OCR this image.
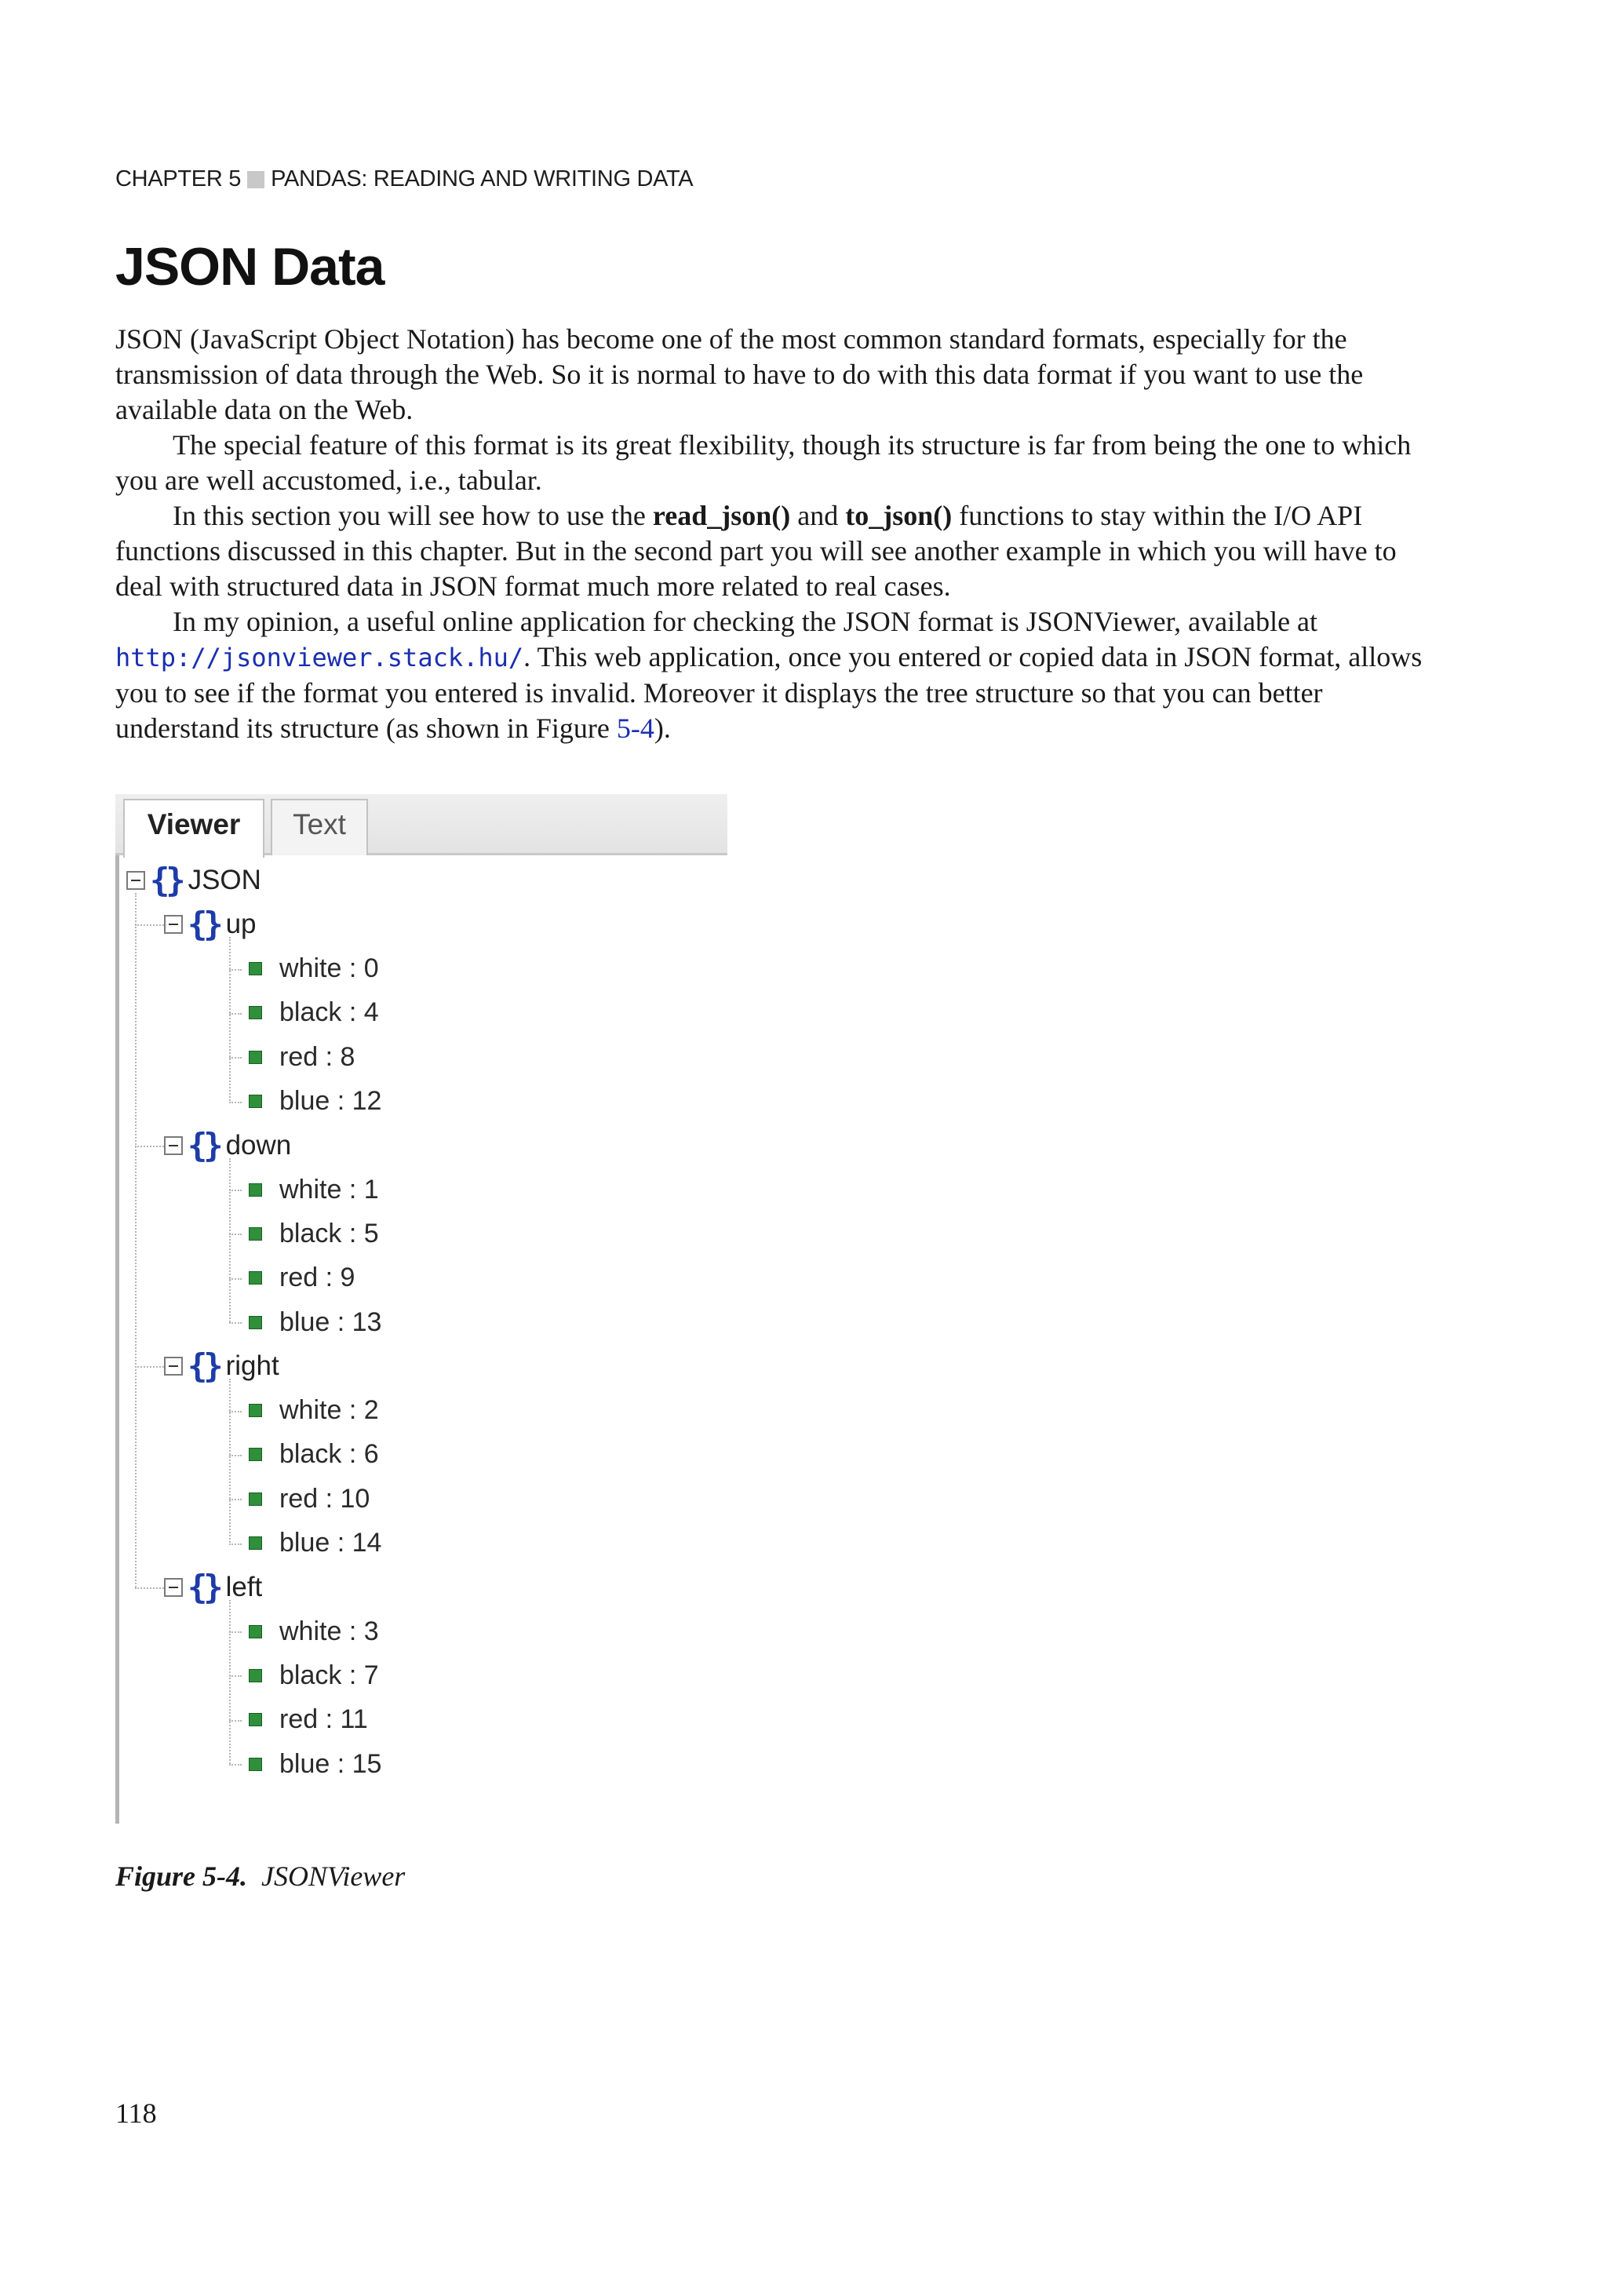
CHAPTER 5 PANDAS: READING AND WRITING DATA
JSON Data

JSON (JavaScript Object Notation) has become one of the most common standard formats, especially for the transmission of data through the Web. So it is normal to have to do with this data format if you want to use the available data on the Web.

The special feature of this format is its great flexibility, though its structure is far from being the one to which you are well accustomed, i.e., tabular.

In this section you will see how to use the read_json() and to_json() functions to stay within the I/O API functions discussed in this chapter. But in the second part you will see another example in which you will have to deal with structured data in JSON format much more related to real cases.

In my opinion, a useful online application for checking the JSON format is JSONViewer, available at http://jsonviewer.stack.hu/. This web application, once you entered or copied data in JSON format, allows you to see if the format you entered is invalid. Moreover it displays the tree structure so that you can better understand its structure (as shown in Figure 5-4).

Viewer	Text
{} JSON
{} up
white : 0
black : 4
red : 8
blue : 12
{} down
white : 1
black : 5
red : 9
blue : 13
{} right
white : 2
black : 6
red : 10
blue : 14
{} left
white : 3
black : 7
red : 11
blue : 15
Figure 5-4. JSONViewer
118
